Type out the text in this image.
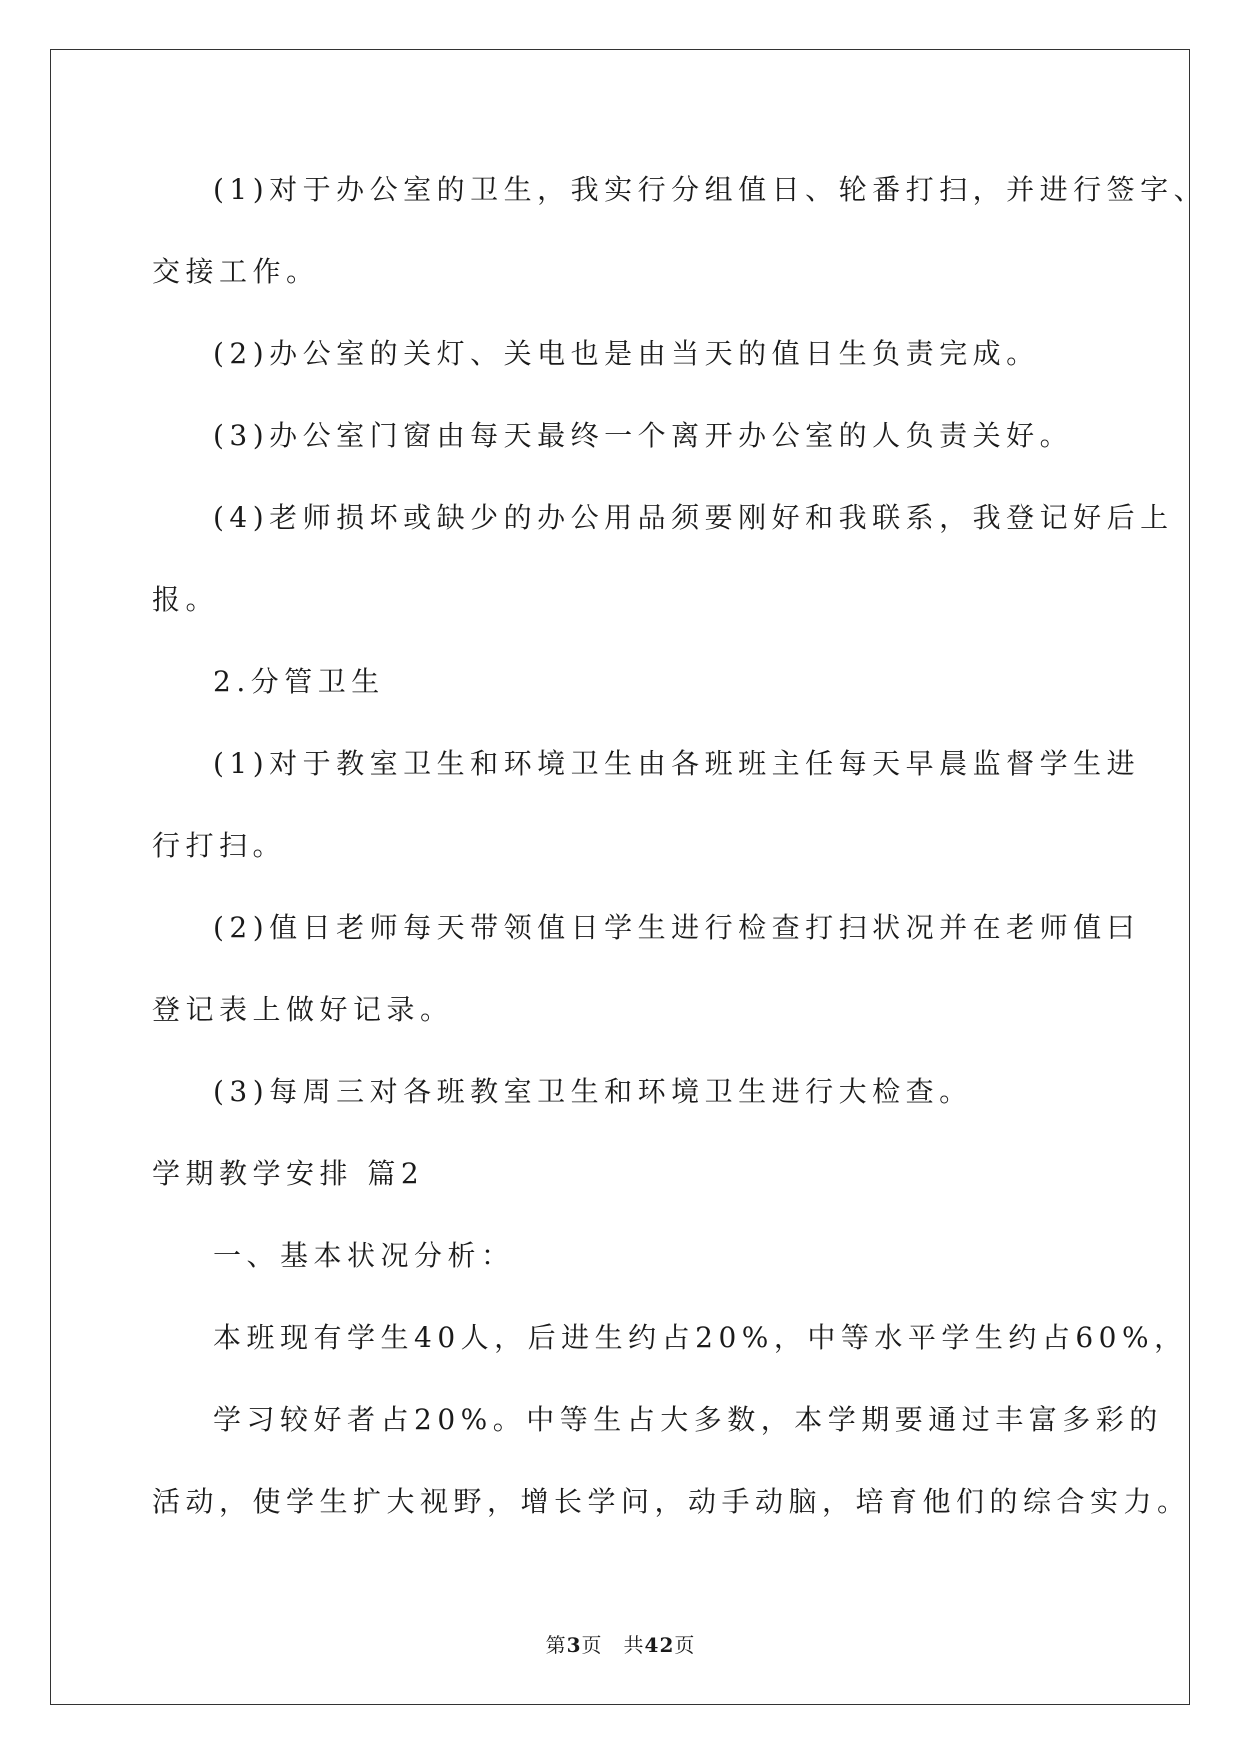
(1)对于办公室的卫生，我实行分组值日、轮番打扫，并进行签字、
交接工作。
(2)办公室的关灯、关电也是由当天的值日生负责完成。
(3)办公室门窗由每天最终一个离开办公室的人负责关好。
(4)老师损坏或缺少的办公用品须要刚好和我联系，我登记好后上
报。
2.分管卫生
(1)对于教室卫生和环境卫生由各班班主任每天早晨监督学生进
行打扫。
(2)值日老师每天带领值日学生进行检查打扫状况并在老师值曰
登记表上做好记录。
(3)每周三对各班教室卫生和环境卫生进行大检查。
学期教学安排 篇2
一、基本状况分析：
本班现有学生40人，后进生约占20%，中等水平学生约占60%，
学习较好者占20%。中等生占大多数，本学期要通过丰富多彩的
活动，使学生扩大视野，增长学问，动手动脑，培育他们的综合实力。
第3页　共42页
